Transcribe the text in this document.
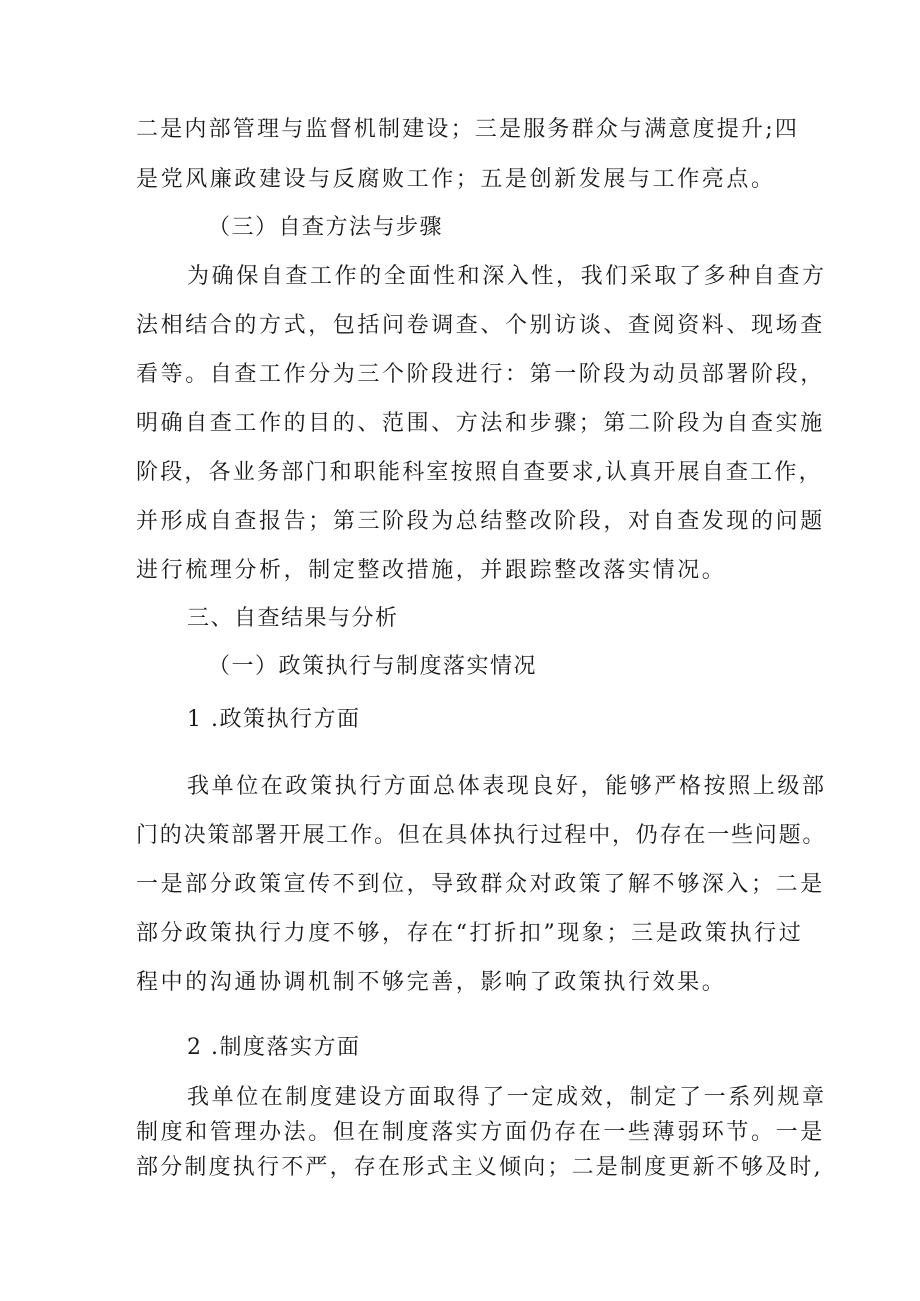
二是内部管理与监督机制建设；三是服务群众与满意度提升;四
是党风廉政建设与反腐败工作；五是创新发展与工作亮点。
（三）自查方法与步骤
为确保自查工作的全面性和深入性，我们采取了多种自查方
法相结合的方式，包括问卷调查、个别访谈、查阅资料、现场查
看等。自查工作分为三个阶段进行：第一阶段为动员部署阶段，
明确自查工作的目的、范围、方法和步骤；第二阶段为自查实施
阶段，各业务部门和职能科室按照自查要求,认真开展自查工作，
并形成自查报告；第三阶段为总结整改阶段，对自查发现的问题
进行梳理分析，制定整改措施，并跟踪整改落实情况。
三、自查结果与分析
（一）政策执行与制度落实情况
1 .政策执行方面
我单位在政策执行方面总体表现良好，能够严格按照上级部
门的决策部署开展工作。但在具体执行过程中，仍存在一些问题。
一是部分政策宣传不到位，导致群众对政策了解不够深入；二是
部分政策执行力度不够，存在“打折扣”现象；三是政策执行过
程中的沟通协调机制不够完善，影响了政策执行效果。
2 .制度落实方面
我单位在制度建设方面取得了一定成效，制定了一系列规章
制度和管理办法。但在制度落实方面仍存在一些薄弱环节。一是
部分制度执行不严，存在形式主义倾向；二是制度更新不够及时,
